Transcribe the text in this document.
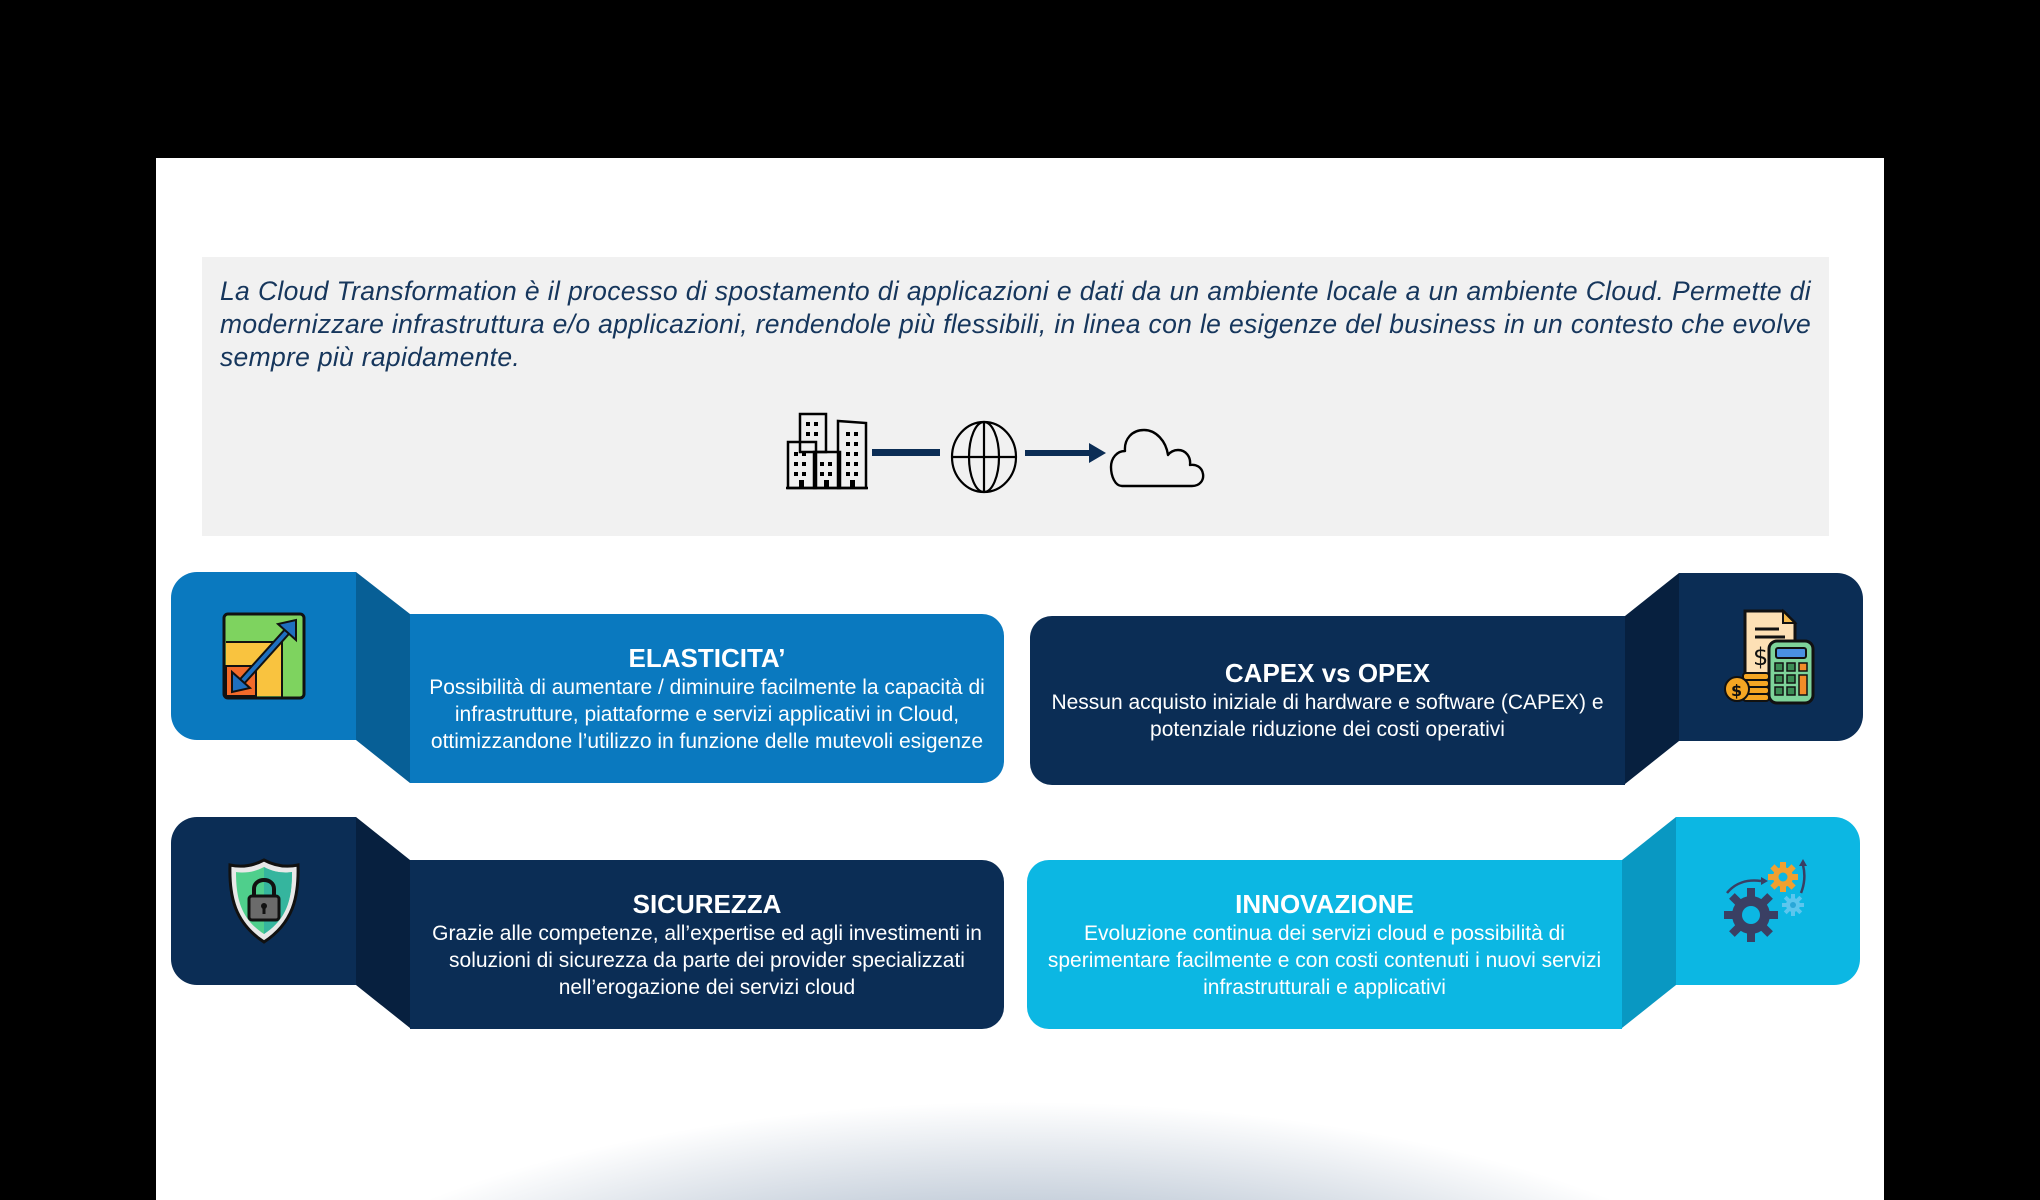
La Cloud Transformation è il processo di spostamento di applicazioni e dati da un ambiente locale a un ambiente Cloud. Permette di modernizzare infrastruttura e/o applicazioni, rendendole più flessibili, in linea con le esigenze del business in un contesto che evolve sempre più rapidamente.

ELASTICITA’
Possibilità di aumentare / diminuire facilmente la capacità di infrastrutture, piattaforme e servizi applicativi in Cloud, ottimizzandone l’utilizzo in funzione delle mutevoli esigenze
CAPEX vs OPEX
Nessun acquisto iniziale di hardware e software (CAPEX) e potenziale riduzione dei costi operativi
$
$
SICUREZZA
Grazie alle competenze, all’expertise ed agli investimenti in soluzioni di sicurezza da parte dei provider specializzati nell’erogazione dei servizi cloud
INNOVAZIONE
Evoluzione continua dei servizi cloud e possibilità di sperimentare facilmente e con costi contenuti i nuovi servizi infrastrutturali e applicativi
